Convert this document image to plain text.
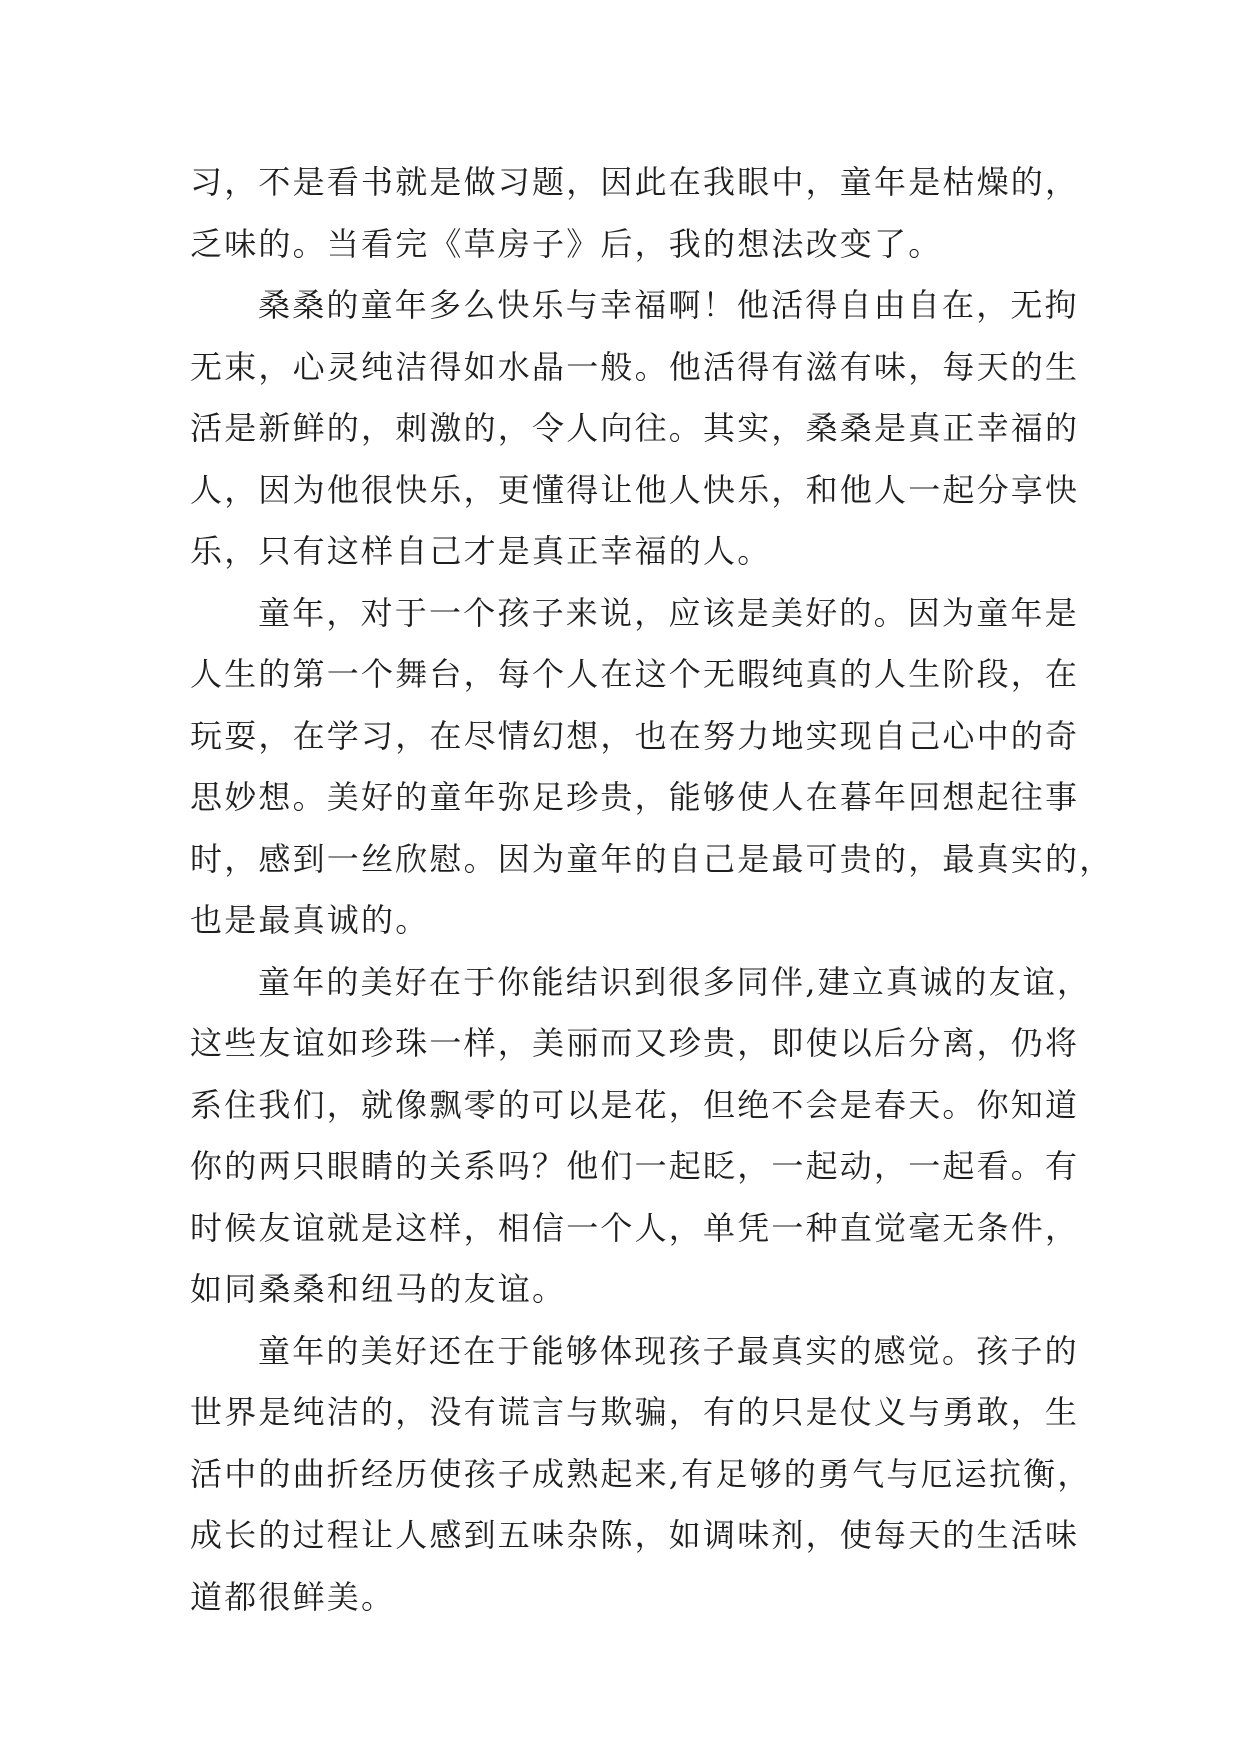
习，不是看书就是做习题，因此在我眼中，童年是枯燥的，
乏味的。当看完《草房子》后，我的想法改变了。
桑桑的童年多么快乐与幸福啊！他活得自由自在，无拘
无束，心灵纯洁得如水晶一般。他活得有滋有味，每天的生
活是新鲜的，刺激的，令人向往。其实，桑桑是真正幸福的
人，因为他很快乐，更懂得让他人快乐，和他人一起分享快
乐，只有这样自己才是真正幸福的人。
童年，对于一个孩子来说，应该是美好的。因为童年是
人生的第一个舞台，每个人在这个无暇纯真的人生阶段，在
玩耍，在学习，在尽情幻想，也在努力地实现自己心中的奇
思妙想。美好的童年弥足珍贵，能够使人在暮年回想起往事
时，感到一丝欣慰。因为童年的自己是最可贵的，最真实的，
也是最真诚的。
童年的美好在于你能结识到很多同伴,建立真诚的友谊，
这些友谊如珍珠一样，美丽而又珍贵，即使以后分离，仍将
系住我们，就像飘零的可以是花，但绝不会是春天。你知道
你的两只眼睛的关系吗？他们一起眨，一起动，一起看。有
时候友谊就是这样，相信一个人，单凭一种直觉毫无条件，
如同桑桑和纽马的友谊。
童年的美好还在于能够体现孩子最真实的感觉。孩子的
世界是纯洁的，没有谎言与欺骗，有的只是仗义与勇敢，生
活中的曲折经历使孩子成熟起来,有足够的勇气与厄运抗衡，
成长的过程让人感到五味杂陈，如调味剂，使每天的生活味
道都很鲜美。
